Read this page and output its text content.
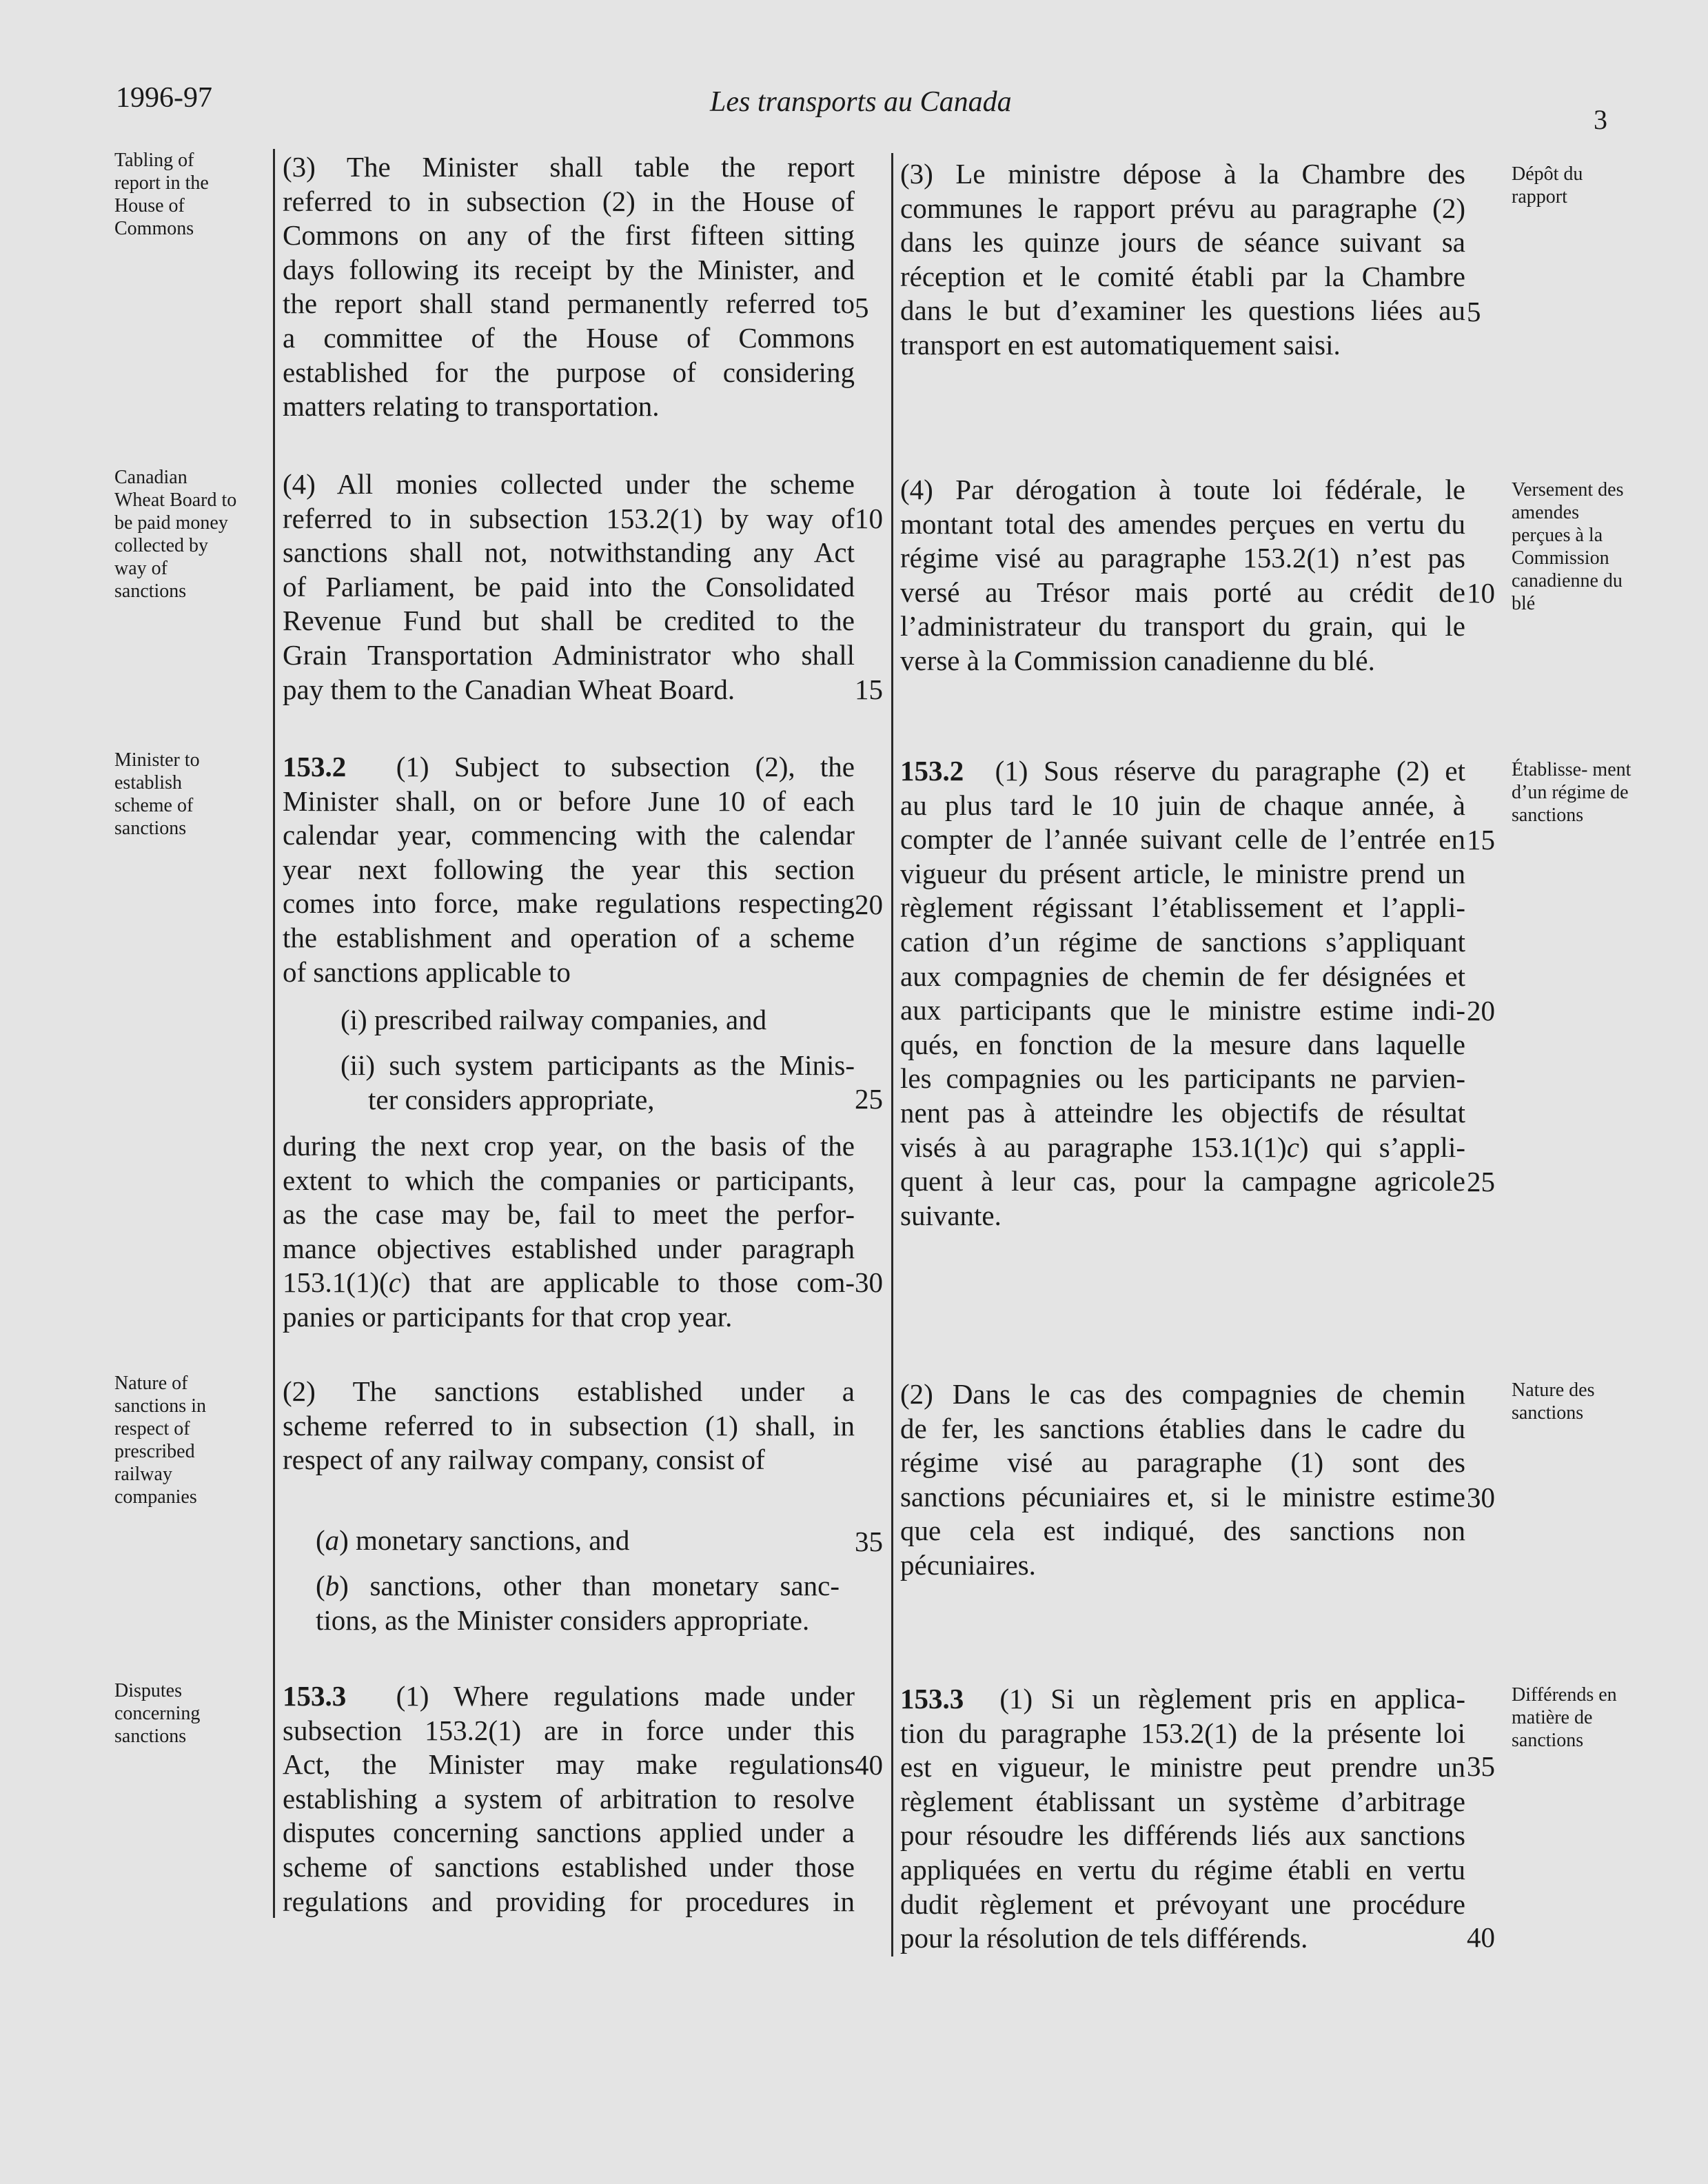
1996-97	Les transports au Canada
3
Tabling of report in the House of Commons
Canadian Wheat Board to be paid money collected by way of sanctions
Minister to establish scheme of sanctions
Nature of sanctions in respect of prescribed railway companies
Disputes concerning sanctions
Dépôt du rapport
Versement des amendes perçues à la Commission canadienne du blé
Établisse- ment d’un régime de sanctions
Nature des sanctions
Différends en matière de sanctions
(3) The Minister shall table the report
referred to in subsection (2) in the House of
Commons on any of the first fifteen sitting
days following its receipt by the Minister, and
the report shall stand permanently referred to
a committee of the House of Commons
established for the purpose of considering
matters relating to transportation.
(4) All monies collected under the scheme
referred to in subsection 153.2(1) by way of
sanctions shall not, notwithstanding any Act
of Parliament, be paid into the Consolidated
Revenue Fund but shall be credited to the
Grain Transportation Administrator who shall
pay them to the Canadian Wheat Board.
153.2 (1) Subject to subsection (2), the
Minister shall, on or before June 10 of each
calendar year, commencing with the calendar
year next following the year this section
comes into force, make regulations respecting
the establishment and operation of a scheme
of sanctions applicable to
(i) prescribed railway companies, and
(ii) such system participants as the Minis-
ter considers appropriate,
during the next crop year, on the basis of the
extent to which the companies or participants,
as the case may be, fail to meet the perfor-
mance objectives established under paragraph
153.1(1)(c) that are applicable to those com-
panies or participants for that crop year.
(2) The sanctions established under a
scheme referred to in subsection (1) shall, in
respect of any railway company, consist of
(a) monetary sanctions, and
(b) sanctions, other than monetary sanc-
tions, as the Minister considers appropriate.
153.3 (1) Where regulations made under
subsection 153.2(1) are in force under this
Act, the Minister may make regulations
establishing a system of arbitration to resolve
disputes concerning sanctions applied under a
scheme of sanctions established under those
regulations and providing for procedures in
5
10
15
20
25
30
35
40
(3) Le ministre dépose à la Chambre des
communes le rapport prévu au paragraphe (2)
dans les quinze jours de séance suivant sa
réception et le comité établi par la Chambre
dans le but d’examiner les questions liées au
transport en est automatiquement saisi.
(4) Par dérogation à toute loi fédérale, le
montant total des amendes perçues en vertu du
régime visé au paragraphe 153.2(1) n’est pas
versé au Trésor mais porté au crédit de
l’administrateur du transport du grain, qui le
verse à la Commission canadienne du blé.
153.2 (1) Sous réserve du paragraphe (2) et
au plus tard le 10 juin de chaque année, à
compter de l’année suivant celle de l’entrée en
vigueur du présent article, le ministre prend un
règlement régissant l’établissement et l’appli-
cation d’un régime de sanctions s’appliquant
aux compagnies de chemin de fer désignées et
aux participants que le ministre estime indi-
qués, en fonction de la mesure dans laquelle
les compagnies ou les participants ne parvien-
nent pas à atteindre les objectifs de résultat
visés à au paragraphe 153.1(1)c) qui s’appli-
quent à leur cas, pour la campagne agricole
suivante.
(2) Dans le cas des compagnies de chemin
de fer, les sanctions établies dans le cadre du
régime visé au paragraphe (1) sont des
sanctions pécuniaires et, si le ministre estime
que cela est indiqué, des sanctions non
pécuniaires.
153.3 (1) Si un règlement pris en applica-
tion du paragraphe 153.2(1) de la présente loi
est en vigueur, le ministre peut prendre un
règlement établissant un système d’arbitrage
pour résoudre les différends liés aux sanctions
appliquées en vertu du régime établi en vertu
dudit règlement et prévoyant une procédure
pour la résolution de tels différends.
5
10
15
20
25
30
35
40
